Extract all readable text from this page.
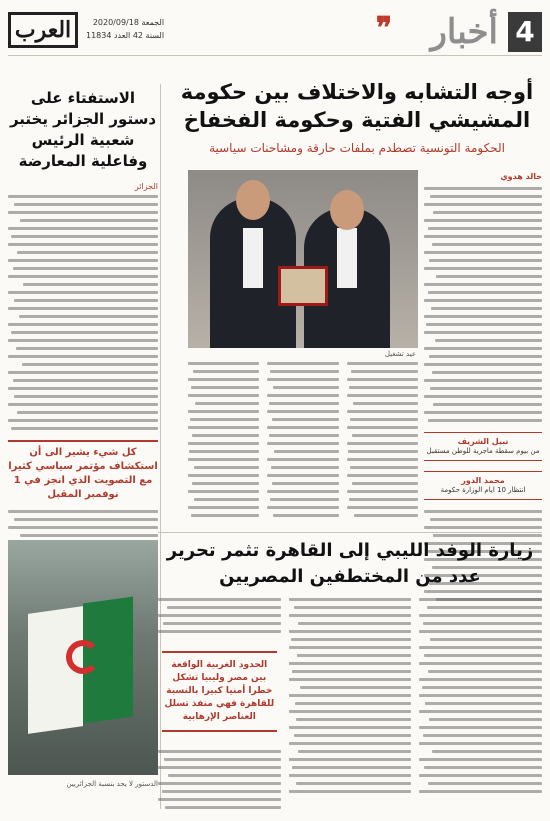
4
أخبار
❞
العرب	الجمعة 2020/09/18
السنة 42 العدد 11834
أوجه التشابه والاختلاف بين حكومة المشيشي الفتية وحكومة الفخفاخ
الحكومة التونسية تصطدم بملفات حارقة ومشاحنات سياسية
الاستفتاء على دستور الجزائر يختبر شعبية الرئيس وفاعلية المعارضة
الجزائر

كل شيء يشير الى أن استكشاف مؤتمر سياسي كثيرا مع التصويت الذي انجز في 1 نوفمبر المقبل

الدستور لا يحد بنسبة الجزائريين
عيد تشغيل
خالد هدوي
نبيل الشريف
من بيوم سقطة ماجرية للوطن مستقبل
محمد الدور
انتظار 10 ايام الوزارة حكومة
زيارة الوفد الليبي إلى القاهرة تثمر تحرير عدد من المختطفين المصريين

الحدود الغربية الواقعة بين مصر وليبيا تشكل خطرا أمنيا كبيرا بالنسبة للقاهرة فهي منفذ تسلل العناصر الإرهابية
